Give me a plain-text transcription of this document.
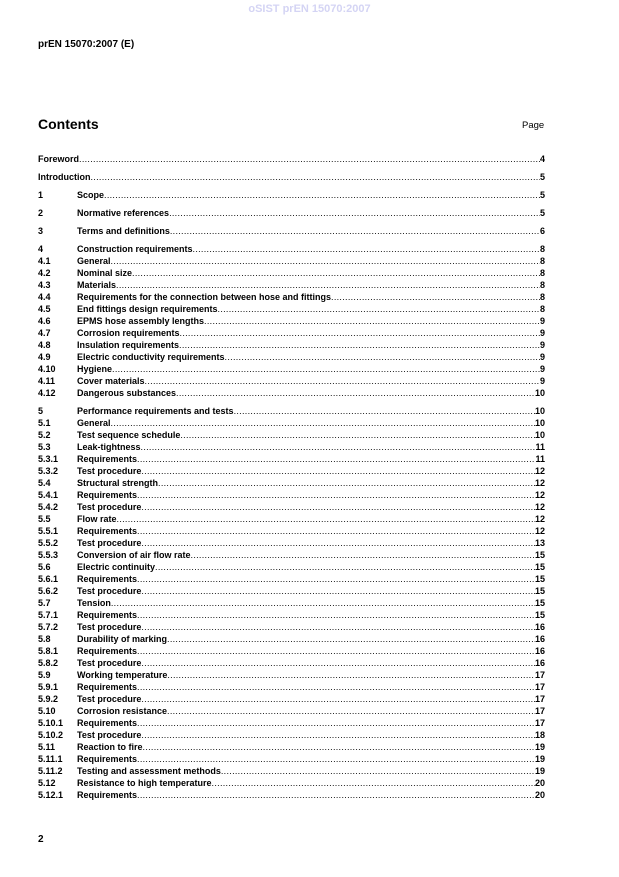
oSIST prEN 15070:2007
prEN 15070:2007 (E)
Contents	Page
Foreword .....	4
Introduction .....	5
1	Scope .....	5
2	Normative references .....	5
3	Terms and definitions .....	6
4	Construction requirements .....	8
4.1	General .....	8
4.2	Nominal size .....	8
4.3	Materials .....	8
4.4	Requirements for the connection between hose and fittings .....	8
4.5	End fittings design requirements .....	8
4.6	EPMS hose assembly lengths .....	9
4.7	Corrosion requirements .....	9
4.8	Insulation requirements .....	9
4.9	Electric conductivity requirements .....	9
4.10	Hygiene .....	9
4.11	Cover materials .....	9
4.12	Dangerous substances .....	10
5	Performance requirements and tests .....	10
5.1	General .....	10
5.2	Test sequence schedule .....	10
5.3	Leak-tightness .....	11
5.3.1	Requirements .....	11
5.3.2	Test procedure .....	12
5.4	Structural strength .....	12
5.4.1	Requirements .....	12
5.4.2	Test procedure .....	12
5.5	Flow rate .....	12
5.5.1	Requirements .....	12
5.5.2	Test procedure .....	13
5.5.3	Conversion of air flow rate .....	15
5.6	Electric continuity .....	15
5.6.1	Requirements .....	15
5.6.2	Test procedure .....	15
5.7	Tension .....	15
5.7.1	Requirements .....	15
5.7.2	Test procedure .....	16
5.8	Durability of marking .....	16
5.8.1	Requirements .....	16
5.8.2	Test procedure .....	16
5.9	Working temperature .....	17
5.9.1	Requirements .....	17
5.9.2	Test procedure .....	17
5.10	Corrosion resistance .....	17
5.10.1	Requirements .....	17
5.10.2	Test procedure .....	18
5.11	Reaction to fire .....	19
5.11.1	Requirements .....	19
5.11.2	Testing and assessment methods .....	19
5.12	Resistance to high temperature .....	20
5.12.1	Requirements .....	20
2
